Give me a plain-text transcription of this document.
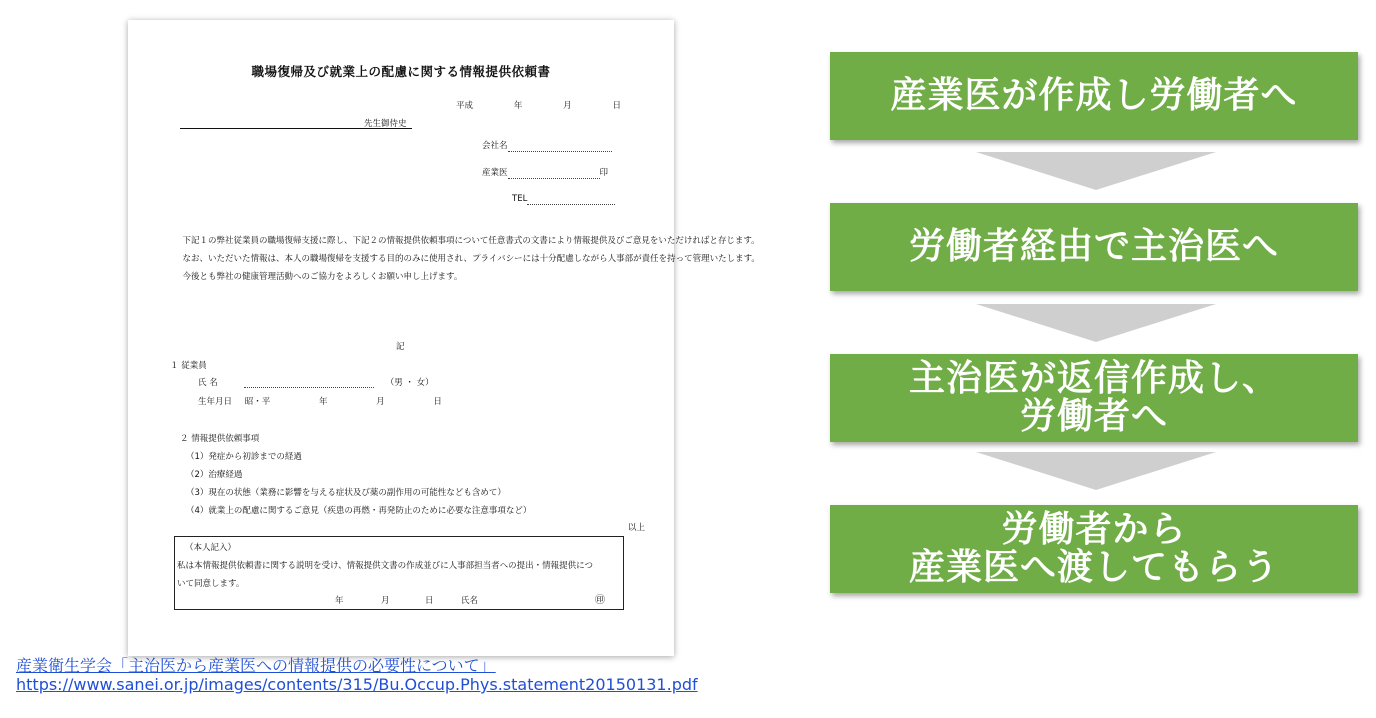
職場復帰及び就業上の配慮に関する情報提供依頼書
平成	年	月	日
先生御侍史
会社名
産業医	印
TEL

　下記１の弊社従業員の職場復帰支援に際し、下記２の情報提供依頼事項について任意書式の文書により情報提供及びご意見をいただければと存じます。

　なお、いただいた情報は、本人の職場復帰を支援する目的のみに使用され、プライバシーには十分配慮しながら人事部が責任を持って管理いたします。

　今後とも弊社の健康管理活動へのご協力をよろしくお願い申し上げます。

記
１ 従業員
氏 名	（男 ・ 女）
生年月日 昭・平	年	月	日
２ 情報提供依頼事項
（1）発症から初診までの経過
（2）治療経過
（3）現在の状態（業務に影響を与える症状及び薬の副作用の可能性なども含めて）
（4）就業上の配慮に関するご意見（疾患の再燃・再発防止のために必要な注意事項など）
以上
（本人記入）
私は本情報提供依頼書に関する説明を受け、情報提供文書の作成並びに人事部担当者への提出・情報提供につ
いて同意します。
年	月	日	氏名	㊞
産業医が作成し労働者へ
労働者経由で主治医へ
主治医が返信作成し、
労働者へ
労働者から
産業医へ渡してもらう
産業衛生学会「主治医から産業医への情報提供の必要性について」
https://www.sanei.or.jp/images/contents/315/Bu.Occup.Phys.statement20150131.pdf
